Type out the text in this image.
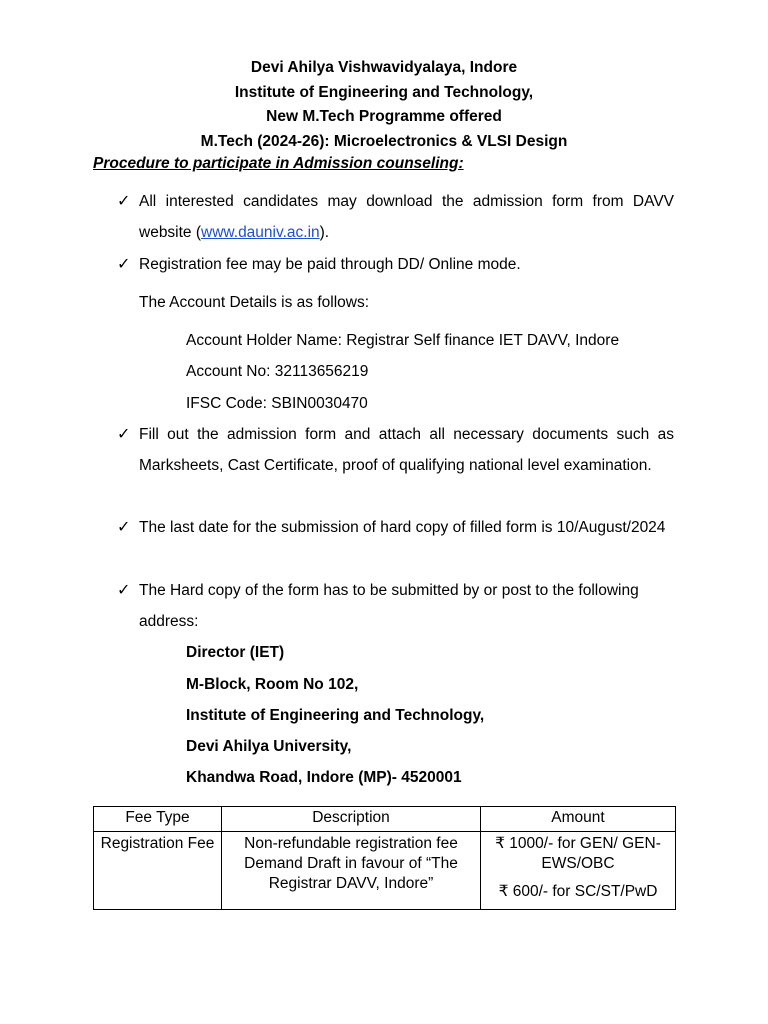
Devi Ahilya Vishwavidyalaya, Indore
Institute of Engineering and Technology,
New M.Tech Programme offered
M.Tech (2024-26): Microelectronics & VLSI Design
Procedure to participate in Admission counseling:
✓ All interested candidates may download the admission form from DAVV website (www.dauniv.ac.in).
✓ Registration fee may be paid through DD/ Online mode.
The Account Details is as follows:
Account Holder Name: Registrar Self finance IET DAVV, Indore
Account No: 32113656219
IFSC Code: SBIN0030470
✓ Fill out the admission form and attach all necessary documents such as Marksheets, Cast Certificate, proof of qualifying national level examination.
✓ The last date for the submission of hard copy of filled form is 10/August/2024
✓ The Hard copy of the form has to be submitted by or post to the following address:
Director (IET)
M-Block, Room No 102,
Institute of Engineering and Technology,
Devi Ahilya University,
Khandwa Road, Indore (MP)- 4520001
Fee Type	Description	Amount
Registration Fee	Non-refundable registration fee Demand Draft in favour of “The Registrar DAVV, Indore”	₹ 1000/- for GEN/ GEN-EWS/OBC
₹ 600/- for SC/ST/PwD
